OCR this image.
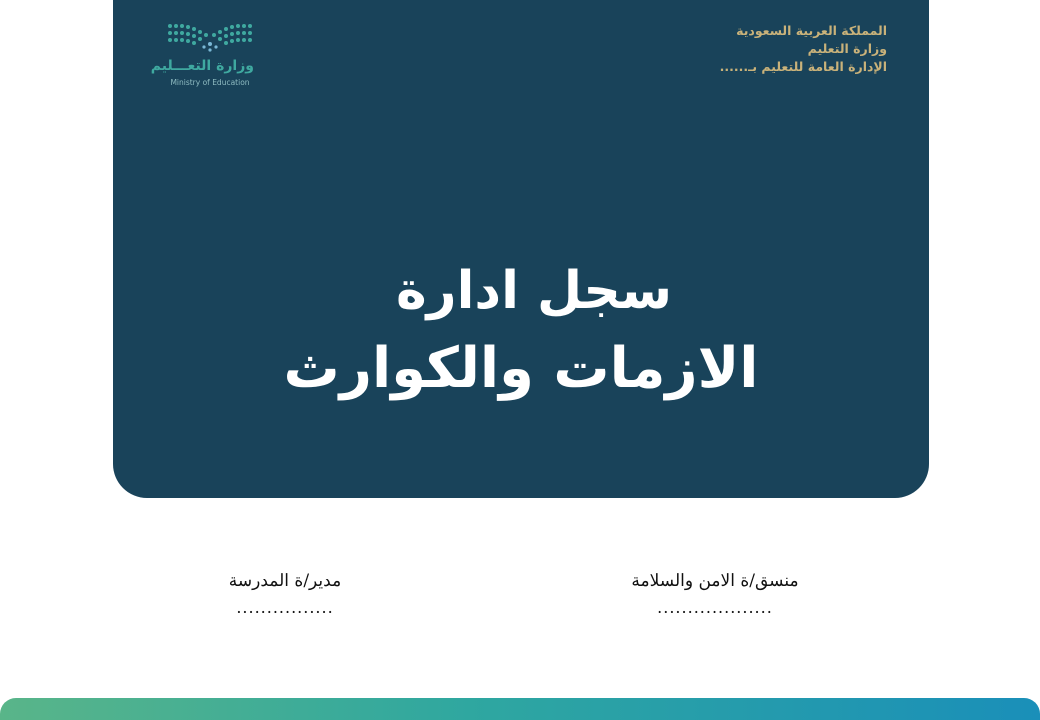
وزارة التعـــليم
Ministry of Education
المملكة العربية السعودية
وزارة التعليم
الإدارة العامة للتعليم بـ......
سجل ادارة
الازمات والكوارث
منسق/ة الامن والسلامة
...................
مدير/ة المدرسة
................
